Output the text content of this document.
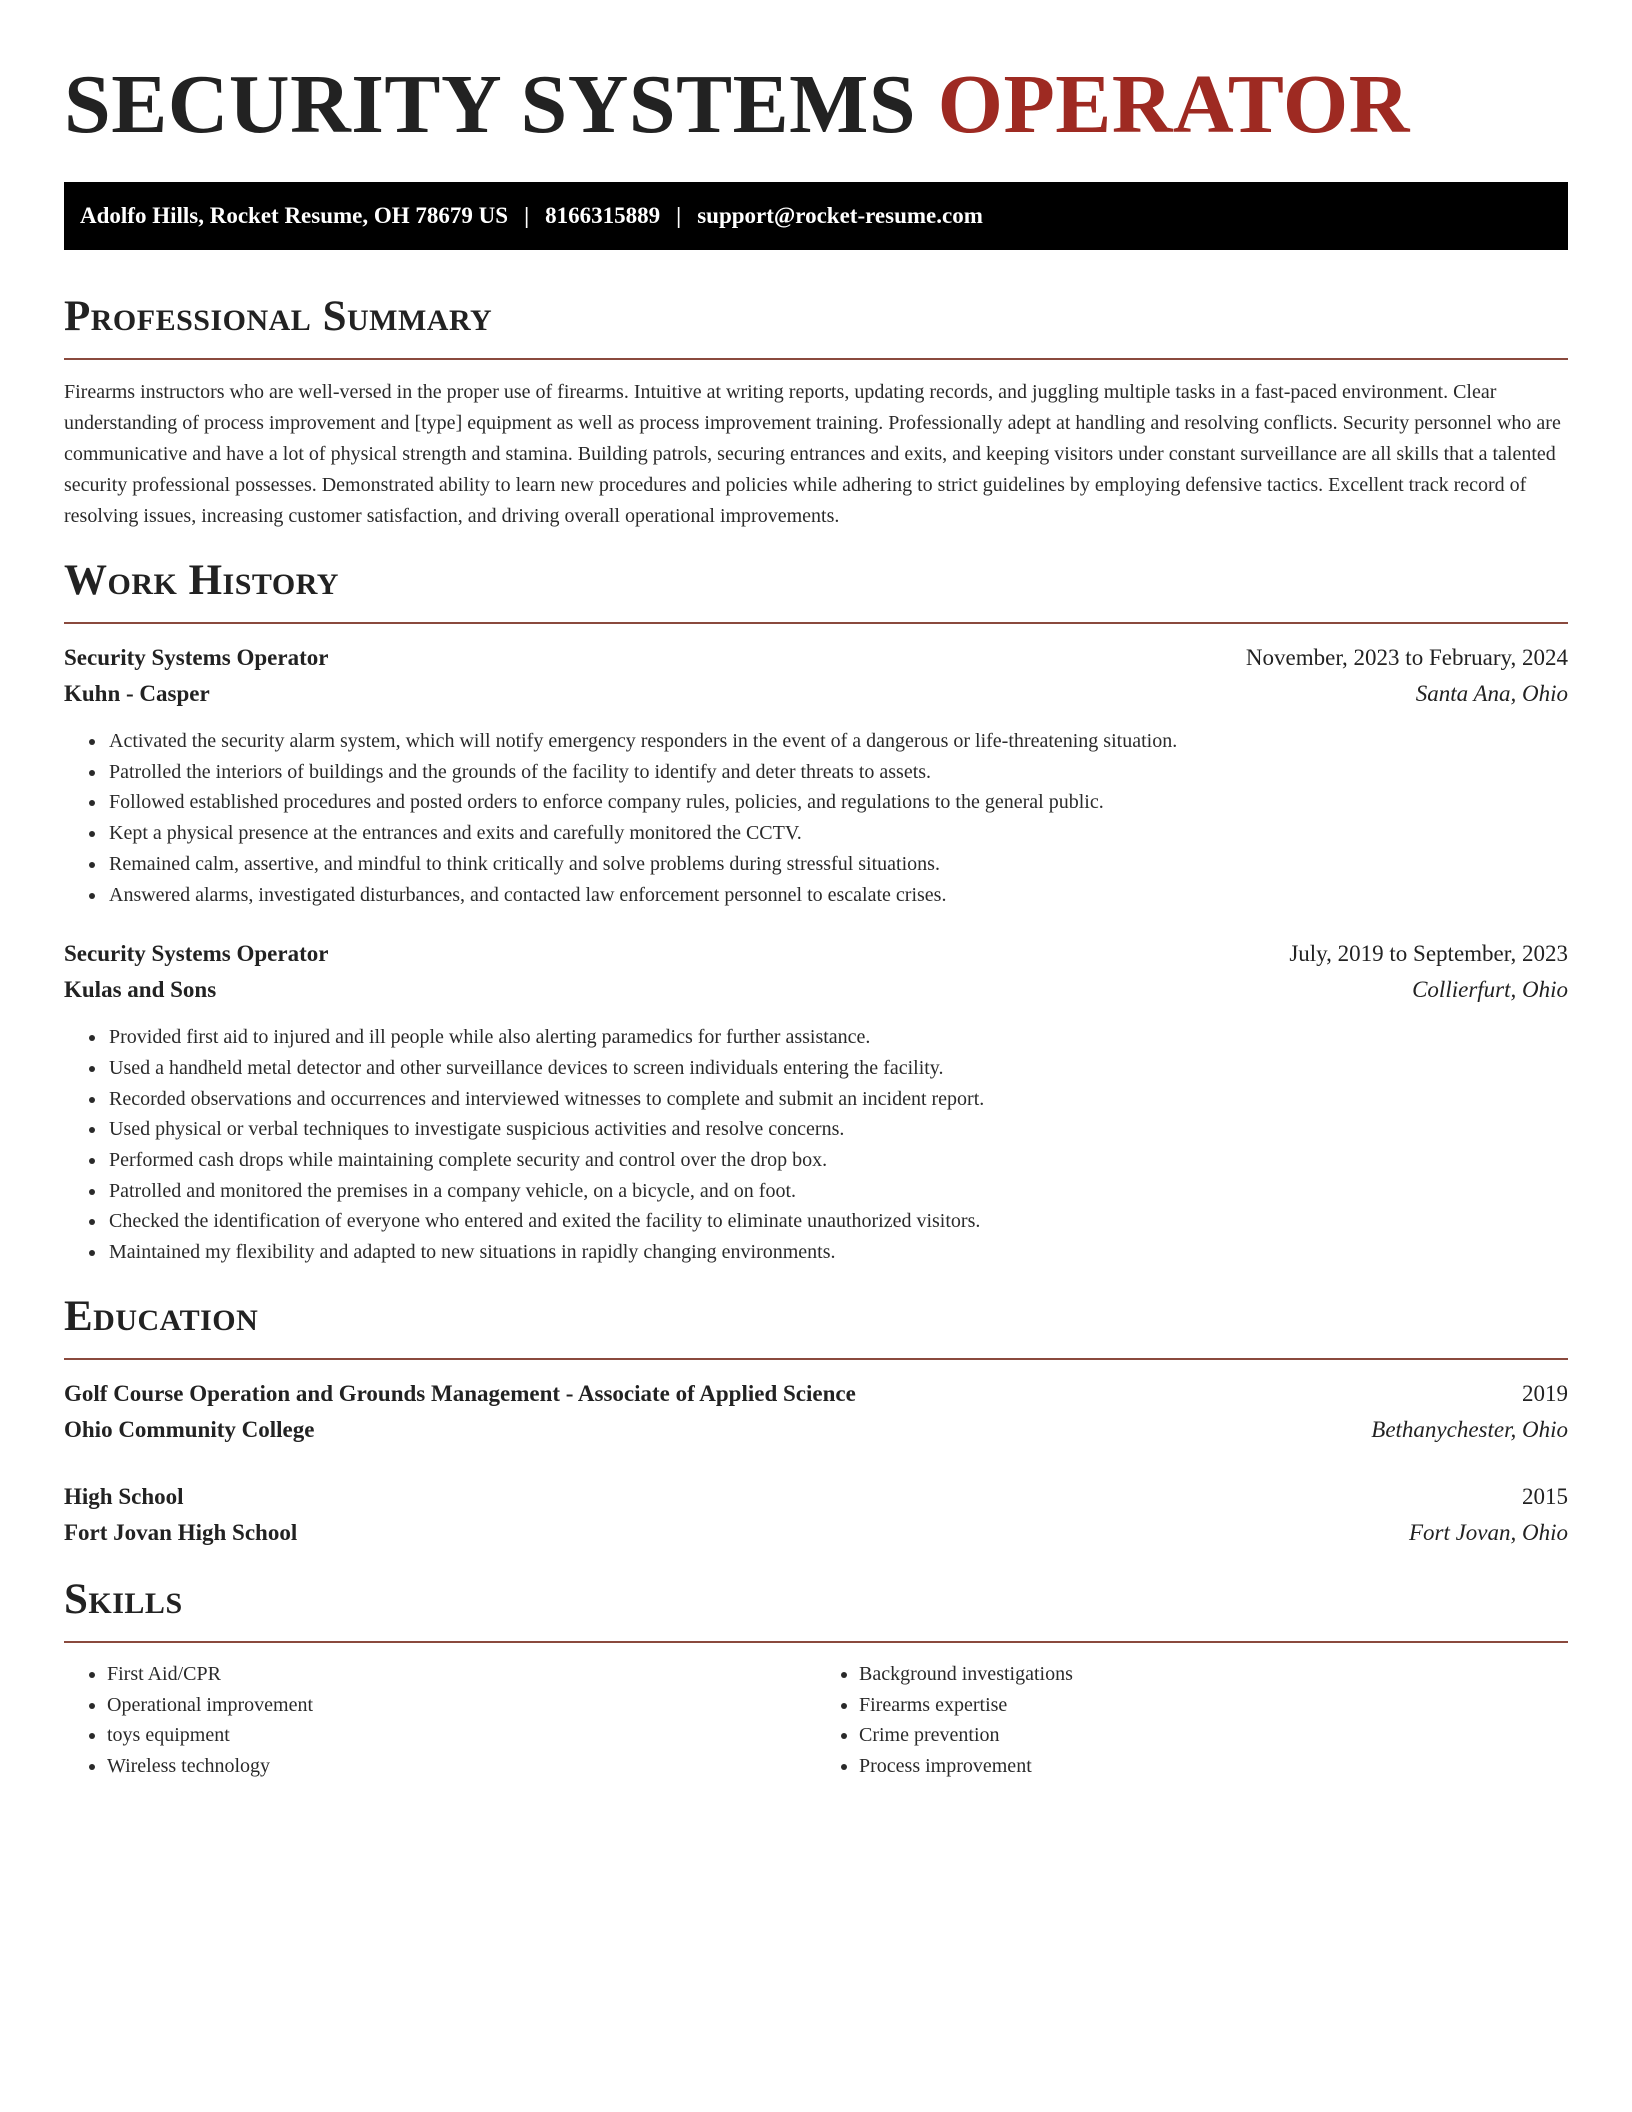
SECURITY SYSTEMS OPERATOR
Adolfo Hills, Rocket Resume, OH 78679 US | 8166315889 | support@rocket-resume.com
Professional Summary

Firearms instructors who are well-versed in the proper use of firearms. Intuitive at writing reports, updating records, and juggling multiple tasks in a fast-paced environment. Clear understanding of process improvement and [type] equipment as well as process improvement training. Professionally adept at handling and resolving conflicts. Security personnel who are communicative and have a lot of physical strength and stamina. Building patrols, securing entrances and exits, and keeping visitors under constant surveillance are all skills that a talented security professional possesses. Demonstrated ability to learn new procedures and policies while adhering to strict guidelines by employing defensive tactics. Excellent track record of resolving issues, increasing customer satisfaction, and driving overall operational improvements.

Work History
Security Systems Operator	November, 2023 to February, 2024
Kuhn - Casper	Santa Ana, Ohio
• Activated the security alarm system, which will notify emergency responders in the event of a dangerous or life-threatening situation.
• Patrolled the interiors of buildings and the grounds of the facility to identify and deter threats to assets.
• Followed established procedures and posted orders to enforce company rules, policies, and regulations to the general public.
• Kept a physical presence at the entrances and exits and carefully monitored the CCTV.
• Remained calm, assertive, and mindful to think critically and solve problems during stressful situations.
• Answered alarms, investigated disturbances, and contacted law enforcement personnel to escalate crises.
Security Systems Operator	July, 2019 to September, 2023
Kulas and Sons	Collierfurt, Ohio
• Provided first aid to injured and ill people while also alerting paramedics for further assistance.
• Used a handheld metal detector and other surveillance devices to screen individuals entering the facility.
• Recorded observations and occurrences and interviewed witnesses to complete and submit an incident report.
• Used physical or verbal techniques to investigate suspicious activities and resolve concerns.
• Performed cash drops while maintaining complete security and control over the drop box.
• Patrolled and monitored the premises in a company vehicle, on a bicycle, and on foot.
• Checked the identification of everyone who entered and exited the facility to eliminate unauthorized visitors.
• Maintained my flexibility and adapted to new situations in rapidly changing environments.
Education
Golf Course Operation and Grounds Management - Associate of Applied Science	2019
Ohio Community College	Bethanychester, Ohio
High School	2015
Fort Jovan High School	Fort Jovan, Ohio
Skills
• First Aid/CPR
• Operational improvement
• toys equipment
• Wireless technology
• Background investigations
• Firearms expertise
• Crime prevention
• Process improvement
